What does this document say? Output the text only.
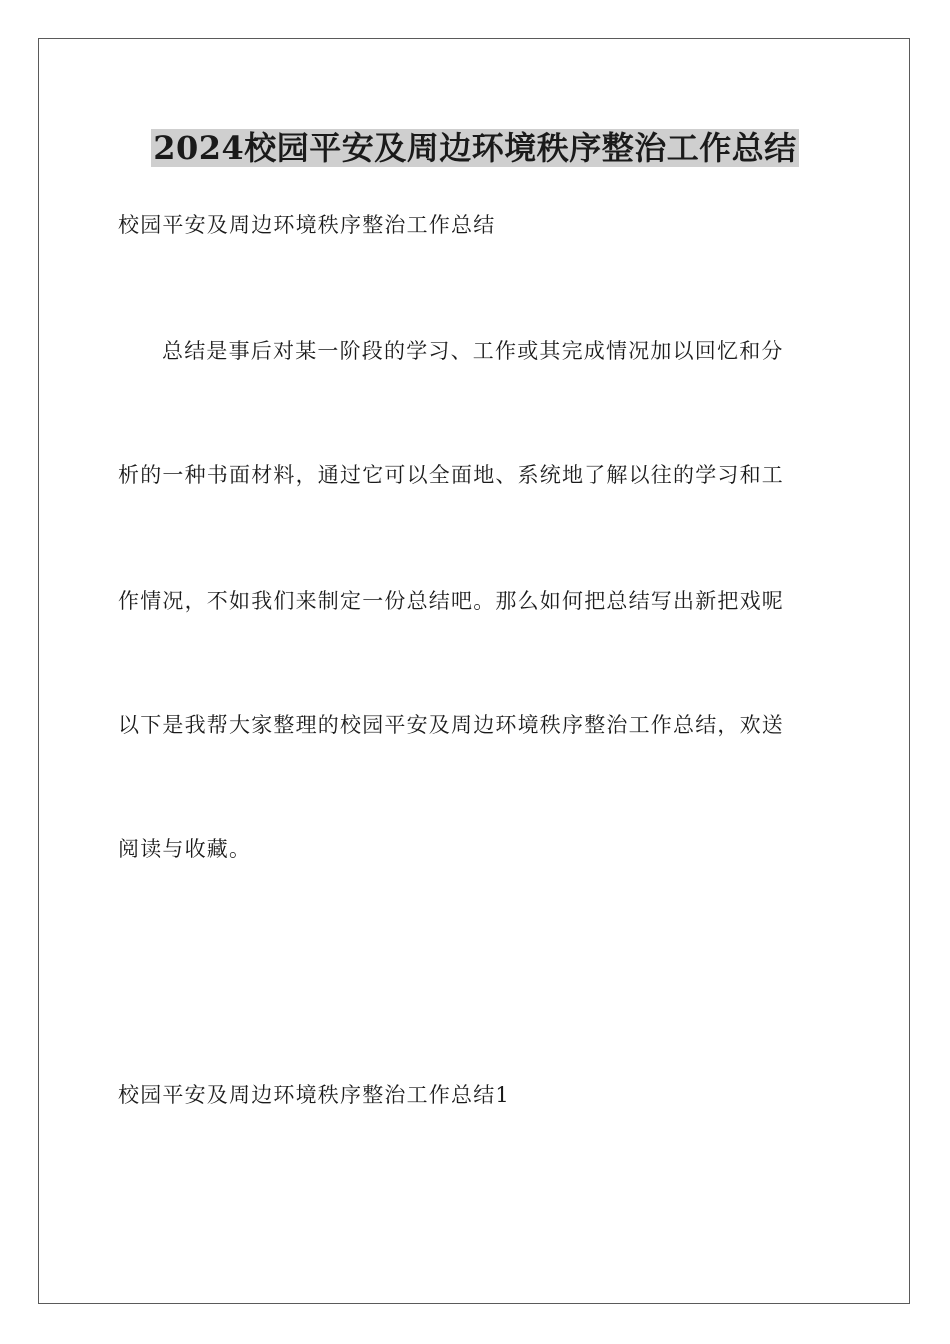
2024校园平安及周边环境秩序整治工作总结

校园平安及周边环境秩序整治工作总结

总结是事后对某一阶段的学习、工作或其完成情况加以回忆和分

析的一种书面材料，通过它可以全面地、系统地了解以往的学习和工

作情况，不如我们来制定一份总结吧。那么如何把总结写出新把戏呢

以下是我帮大家整理的校园平安及周边环境秩序整治工作总结，欢送

阅读与收藏。

校园平安及周边环境秩序整治工作总结1
